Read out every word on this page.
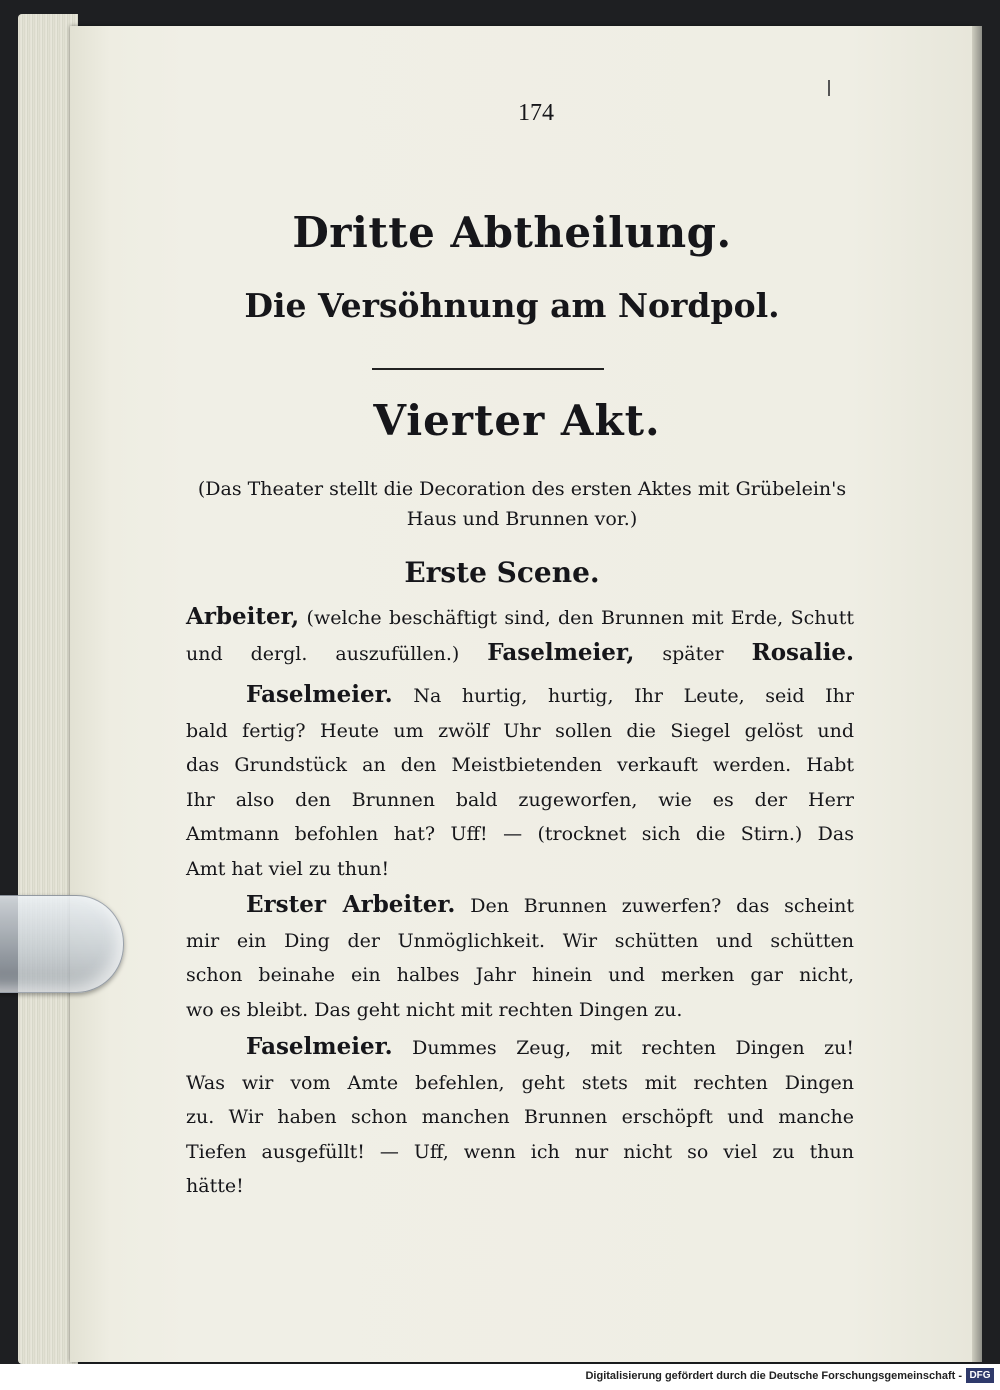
174
Dritte Abtheilung.
Die Versöhnung am Nordpol.
Vierter Akt.
(Das Theater stellt die Decoration des ersten Aktes mit Grübelein's
Haus und Brunnen vor.)
Erste Scene.
Arbeiter, (welche beschäftigt sind, den Brunnen mit Erde, Schutt
und dergl. auszufüllen.) Faselmeier, später Rosalie.
Faselmeier. Na hurtig, hurtig, Ihr Leute, seid Ihr
bald fertig? Heute um zwölf Uhr sollen die Siegel gelöst und
das Grundstück an den Meistbietenden verkauft werden. Habt
Ihr also den Brunnen bald zugeworfen, wie es der Herr
Amtmann befohlen hat? Uff! — (trocknet sich die Stirn.) Das
Amt hat viel zu thun!
Erster Arbeiter. Den Brunnen zuwerfen? das scheint
mir ein Ding der Unmöglichkeit. Wir schütten und schütten
schon beinahe ein halbes Jahr hinein und merken gar nicht,
wo es bleibt. Das geht nicht mit rechten Dingen zu.
Faselmeier. Dummes Zeug, mit rechten Dingen zu!
Was wir vom Amte befehlen, geht stets mit rechten Dingen
zu. Wir haben schon manchen Brunnen erschöpft und manche
Tiefen ausgefüllt! — Uff, wenn ich nur nicht so viel zu thun
hätte!
Digitalisierung gefördert durch die Deutsche Forschungsgemeinschaft - DFG
